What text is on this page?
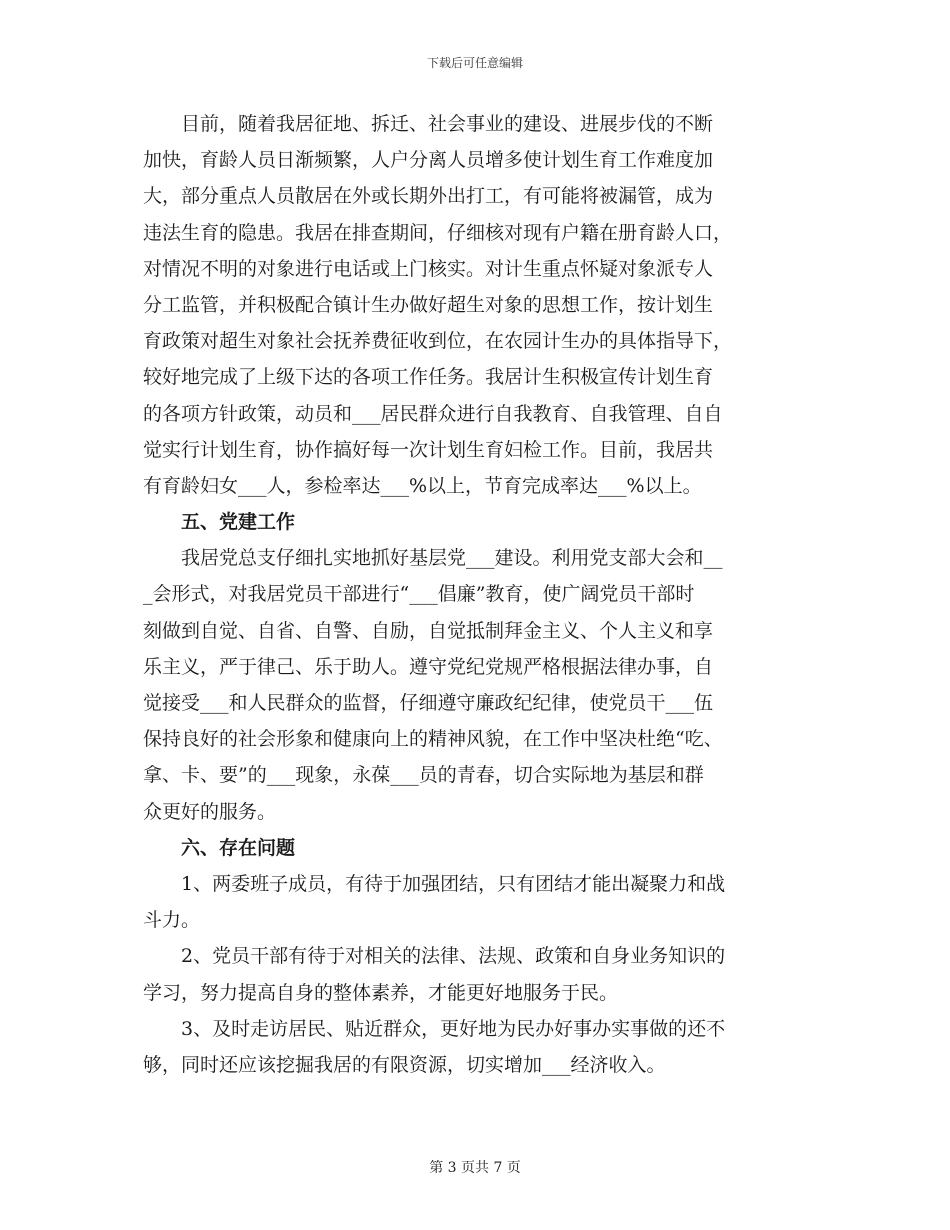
下载后可任意编辑
　　目前，随着我居征地、拆迁、社会事业的建设、进展步伐的不断
加快，育龄人员日渐频繁，人户分离人员增多使计划生育工作难度加
大，部分重点人员散居在外或长期外出打工，有可能将被漏管，成为
违法生育的隐患。我居在排查期间，仔细核对现有户籍在册育龄人口，
对情况不明的对象进行电话或上门核实。对计生重点怀疑对象派专人
分工监管，并积极配合镇计生办做好超生对象的思想工作，按计划生
育政策对超生对象社会抚养费征收到位，在农园计生办的具体指导下，
较好地完成了上级下达的各项工作任务。我居计生积极宣传计划生育
的各项方针政策，动员和___居民群众进行自我教育、自我管理、自自
觉实行计划生育，协作搞好每一次计划生育妇检工作。目前，我居共
有育龄妇女___人，参检率达___%以上，节育完成率达___%以上。
　　五、党建工作
　　我居党总支仔细扎实地抓好基层党___建设。利用党支部大会和__
_会形式，对我居党员干部进行“___倡廉”教育，使广阔党员干部时
刻做到自觉、自省、自警、自励，自觉抵制拜金主义、个人主义和享
乐主义，严于律己、乐于助人。遵守党纪党规严格根据法律办事，自
觉接受___和人民群众的监督，仔细遵守廉政纪纪律，使党员干___伍
保持良好的社会形象和健康向上的精神风貌，在工作中坚决杜绝“吃、
拿、卡、要”的___现象，永葆___员的青春，切合实际地为基层和群
众更好的服务。
　　六、存在问题
　　1、两委班子成员，有待于加强团结，只有团结才能出凝聚力和战
斗力。
　　2、党员干部有待于对相关的法律、法规、政策和自身业务知识的
学习，努力提高自身的整体素养，才能更好地服务于民。
　　3、及时走访居民、贴近群众，更好地为民办好事办实事做的还不
够，同时还应该挖掘我居的有限资源，切实增加___经济收入。
第 3 页共 7 页
